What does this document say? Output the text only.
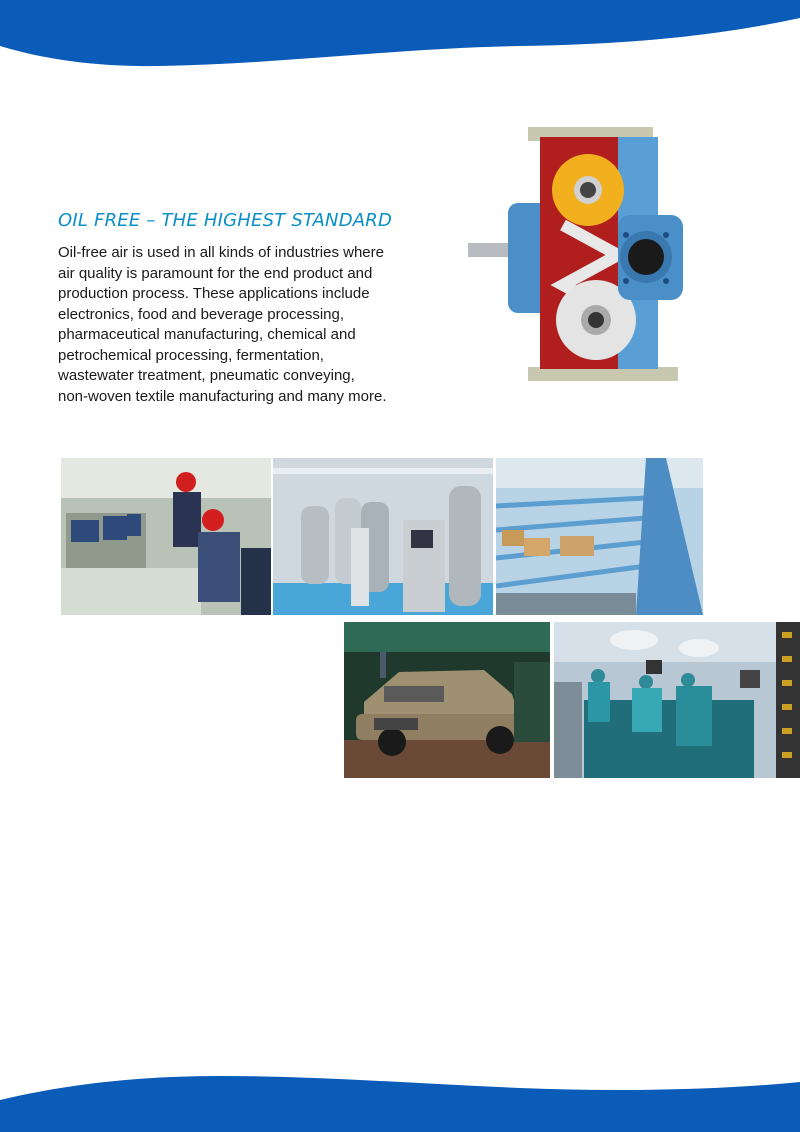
OIL FREE – THE HIGHEST STANDARD

Oil-free air is used in all kinds of industries where air quality is paramount for the end product and production process. These applications include electronics, food and beverage processing, pharmaceutical manufacturing, chemical and petrochemical processing, fermentation, wastewater treatment, pneumatic conveying, non-woven textile manufacturing and many more.
